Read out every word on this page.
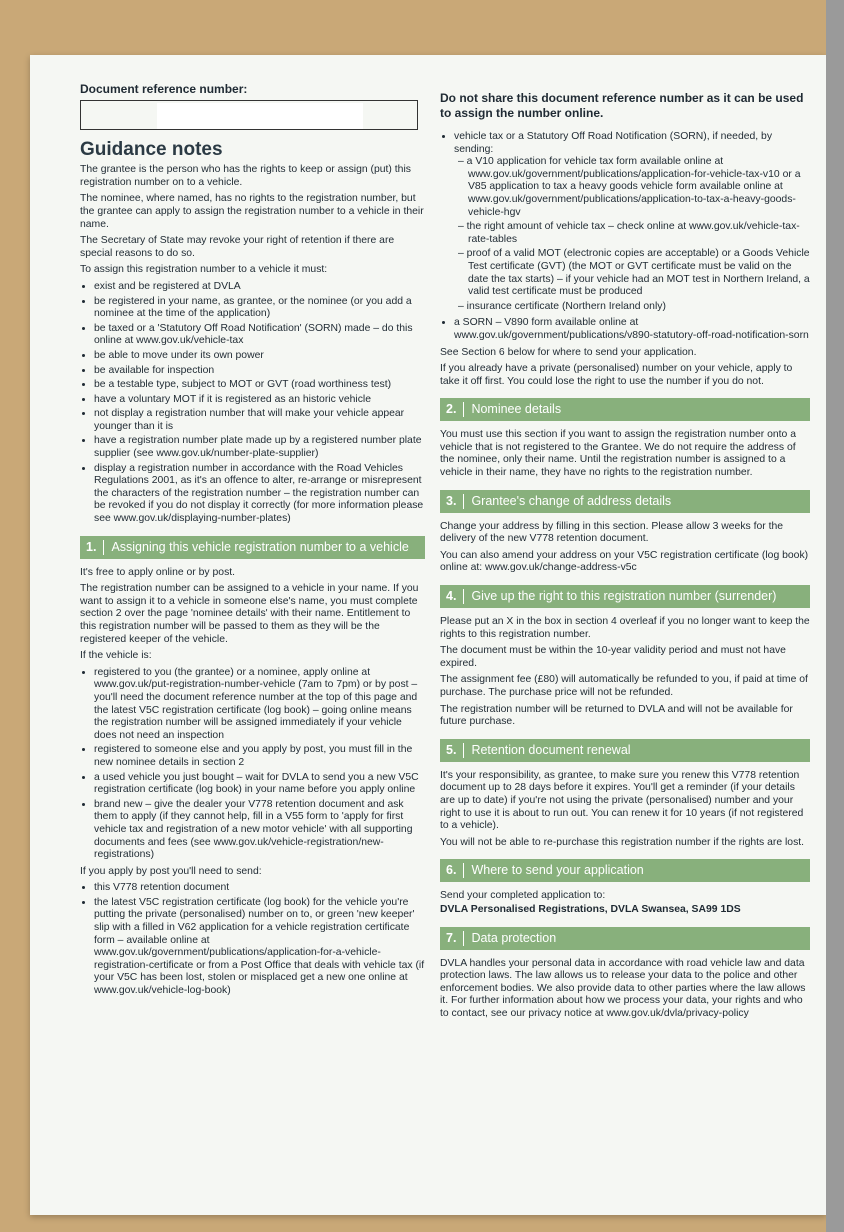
Document reference number:
Guidance notes

The grantee is the person who has the rights to keep or assign (put) this registration number on to a vehicle.

The nominee, where named, has no rights to the registration number, but the grantee can apply to assign the registration number to a vehicle in their name.

The Secretary of State may revoke your right of retention if there are special reasons to do so.

To assign this registration number to a vehicle it must:

• exist and be registered at DVLA
• be registered in your name, as grantee, or the nominee (or you add a nominee at the time of the application)
• be taxed or a 'Statutory Off Road Notification' (SORN) made – do this online at www.gov.uk/vehicle-tax
• be able to move under its own power
• be available for inspection
• be a testable type, subject to MOT or GVT (road worthiness test)
• have a voluntary MOT if it is registered as an historic vehicle
• not display a registration number that will make your vehicle appear younger than it is
• have a registration number plate made up by a registered number plate supplier (see www.gov.uk/number-plate-supplier)
• display a registration number in accordance with the Road Vehicles Regulations 2001, as it's an offence to alter, re-arrange or misrepresent the characters of the registration number – the registration number can be revoked if you do not display it correctly (for more information please see www.gov.uk/displaying-number-plates)
1.	Assigning this vehicle registration number to a vehicle

It's free to apply online or by post.

The registration number can be assigned to a vehicle in your name. If you want to assign it to a vehicle in someone else's name, you must complete section 2 over the page 'nominee details' with their name. Entitlement to this registration number will be passed to them as they will be the registered keeper of the vehicle.

If the vehicle is:

• registered to you (the grantee) or a nominee, apply online at www.gov.uk/put-registration-number-vehicle (7am to 7pm) or by post – you'll need the document reference number at the top of this page and the latest V5C registration certificate (log book) – going online means the registration number will be assigned immediately if your vehicle does not need an inspection
• registered to someone else and you apply by post, you must fill in the new nominee details in section 2
• a used vehicle you just bought – wait for DVLA to send you a new V5C registration certificate (log book) in your name before you apply online
• brand new – give the dealer your V778 retention document and ask them to apply (if they cannot help, fill in a V55 form to 'apply for first vehicle tax and registration of a new motor vehicle' with all supporting documents and fees (see www.gov.uk/vehicle-registration/new-registrations)

If you apply by post you'll need to send:

• this V778 retention document
• the latest V5C registration certificate (log book) for the vehicle you're putting the private (personalised) number on to, or green 'new keeper' slip with a filled in V62 application for a vehicle registration certificate form – available online at www.gov.uk/government/publications/application-for-a-vehicle-registration-certificate or from a Post Office that deals with vehicle tax (if your V5C has been lost, stolen or misplaced get a new one online at www.gov.uk/vehicle-log-book)
Do not share this document reference number as it can be used to assign the number online.
• vehicle tax or a Statutory Off Road Notification (SORN), if needed, by sending:
– a V10 application for vehicle tax form available online at www.gov.uk/government/publications/application-for-vehicle-tax-v10 or a V85 application to tax a heavy goods vehicle form available online at www.gov.uk/government/publications/application-to-tax-a-heavy-goods-vehicle-hgv
– the right amount of vehicle tax – check online at www.gov.uk/vehicle-tax-rate-tables
– proof of a valid MOT (electronic copies are acceptable) or a Goods Vehicle Test certificate (GVT) (the MOT or GVT certificate must be valid on the date the tax starts) – if your vehicle had an MOT test in Northern Ireland, a valid test certificate must be produced
– insurance certificate (Northern Ireland only)
• a SORN – V890 form available online at www.gov.uk/government/publications/v890-statutory-off-road-notification-sorn

See Section 6 below for where to send your application.

If you already have a private (personalised) number on your vehicle, apply to take it off first. You could lose the right to use the number if you do not.

2.	Nominee details

You must use this section if you want to assign the registration number onto a vehicle that is not registered to the Grantee. We do not require the address of the nominee, only their name. Until the registration number is assigned to a vehicle in their name, they have no rights to the registration number.

3.	Grantee's change of address details

Change your address by filling in this section. Please allow 3 weeks for the delivery of the new V778 retention document.

You can also amend your address on your V5C registration certificate (log book) online at: www.gov.uk/change-address-v5c

4.	Give up the right to this registration number (surrender)

Please put an X in the box in section 4 overleaf if you no longer want to keep the rights to this registration number.

The document must be within the 10-year validity period and must not have expired.

The assignment fee (£80) will automatically be refunded to you, if paid at time of purchase. The purchase price will not be refunded.

The registration number will be returned to DVLA and will not be available for future purchase.

5.	Retention document renewal

It's your responsibility, as grantee, to make sure you renew this V778 retention document up to 28 days before it expires. You'll get a reminder (if your details are up to date) if you're not using the private (personalised) number and your right to use it is about to run out. You can renew it for 10 years (if not registered to a vehicle).

You will not be able to re-purchase this registration number if the rights are lost.

6.	Where to send your application

Send your completed application to:

DVLA Personalised Registrations, DVLA Swansea, SA99 1DS

7.	Data protection

DVLA handles your personal data in accordance with road vehicle law and data protection laws. The law allows us to release your data to the police and other enforcement bodies. We also provide data to other parties where the law allows it. For further information about how we process your data, your rights and who to contact, see our privacy notice at www.gov.uk/dvla/privacy-policy
